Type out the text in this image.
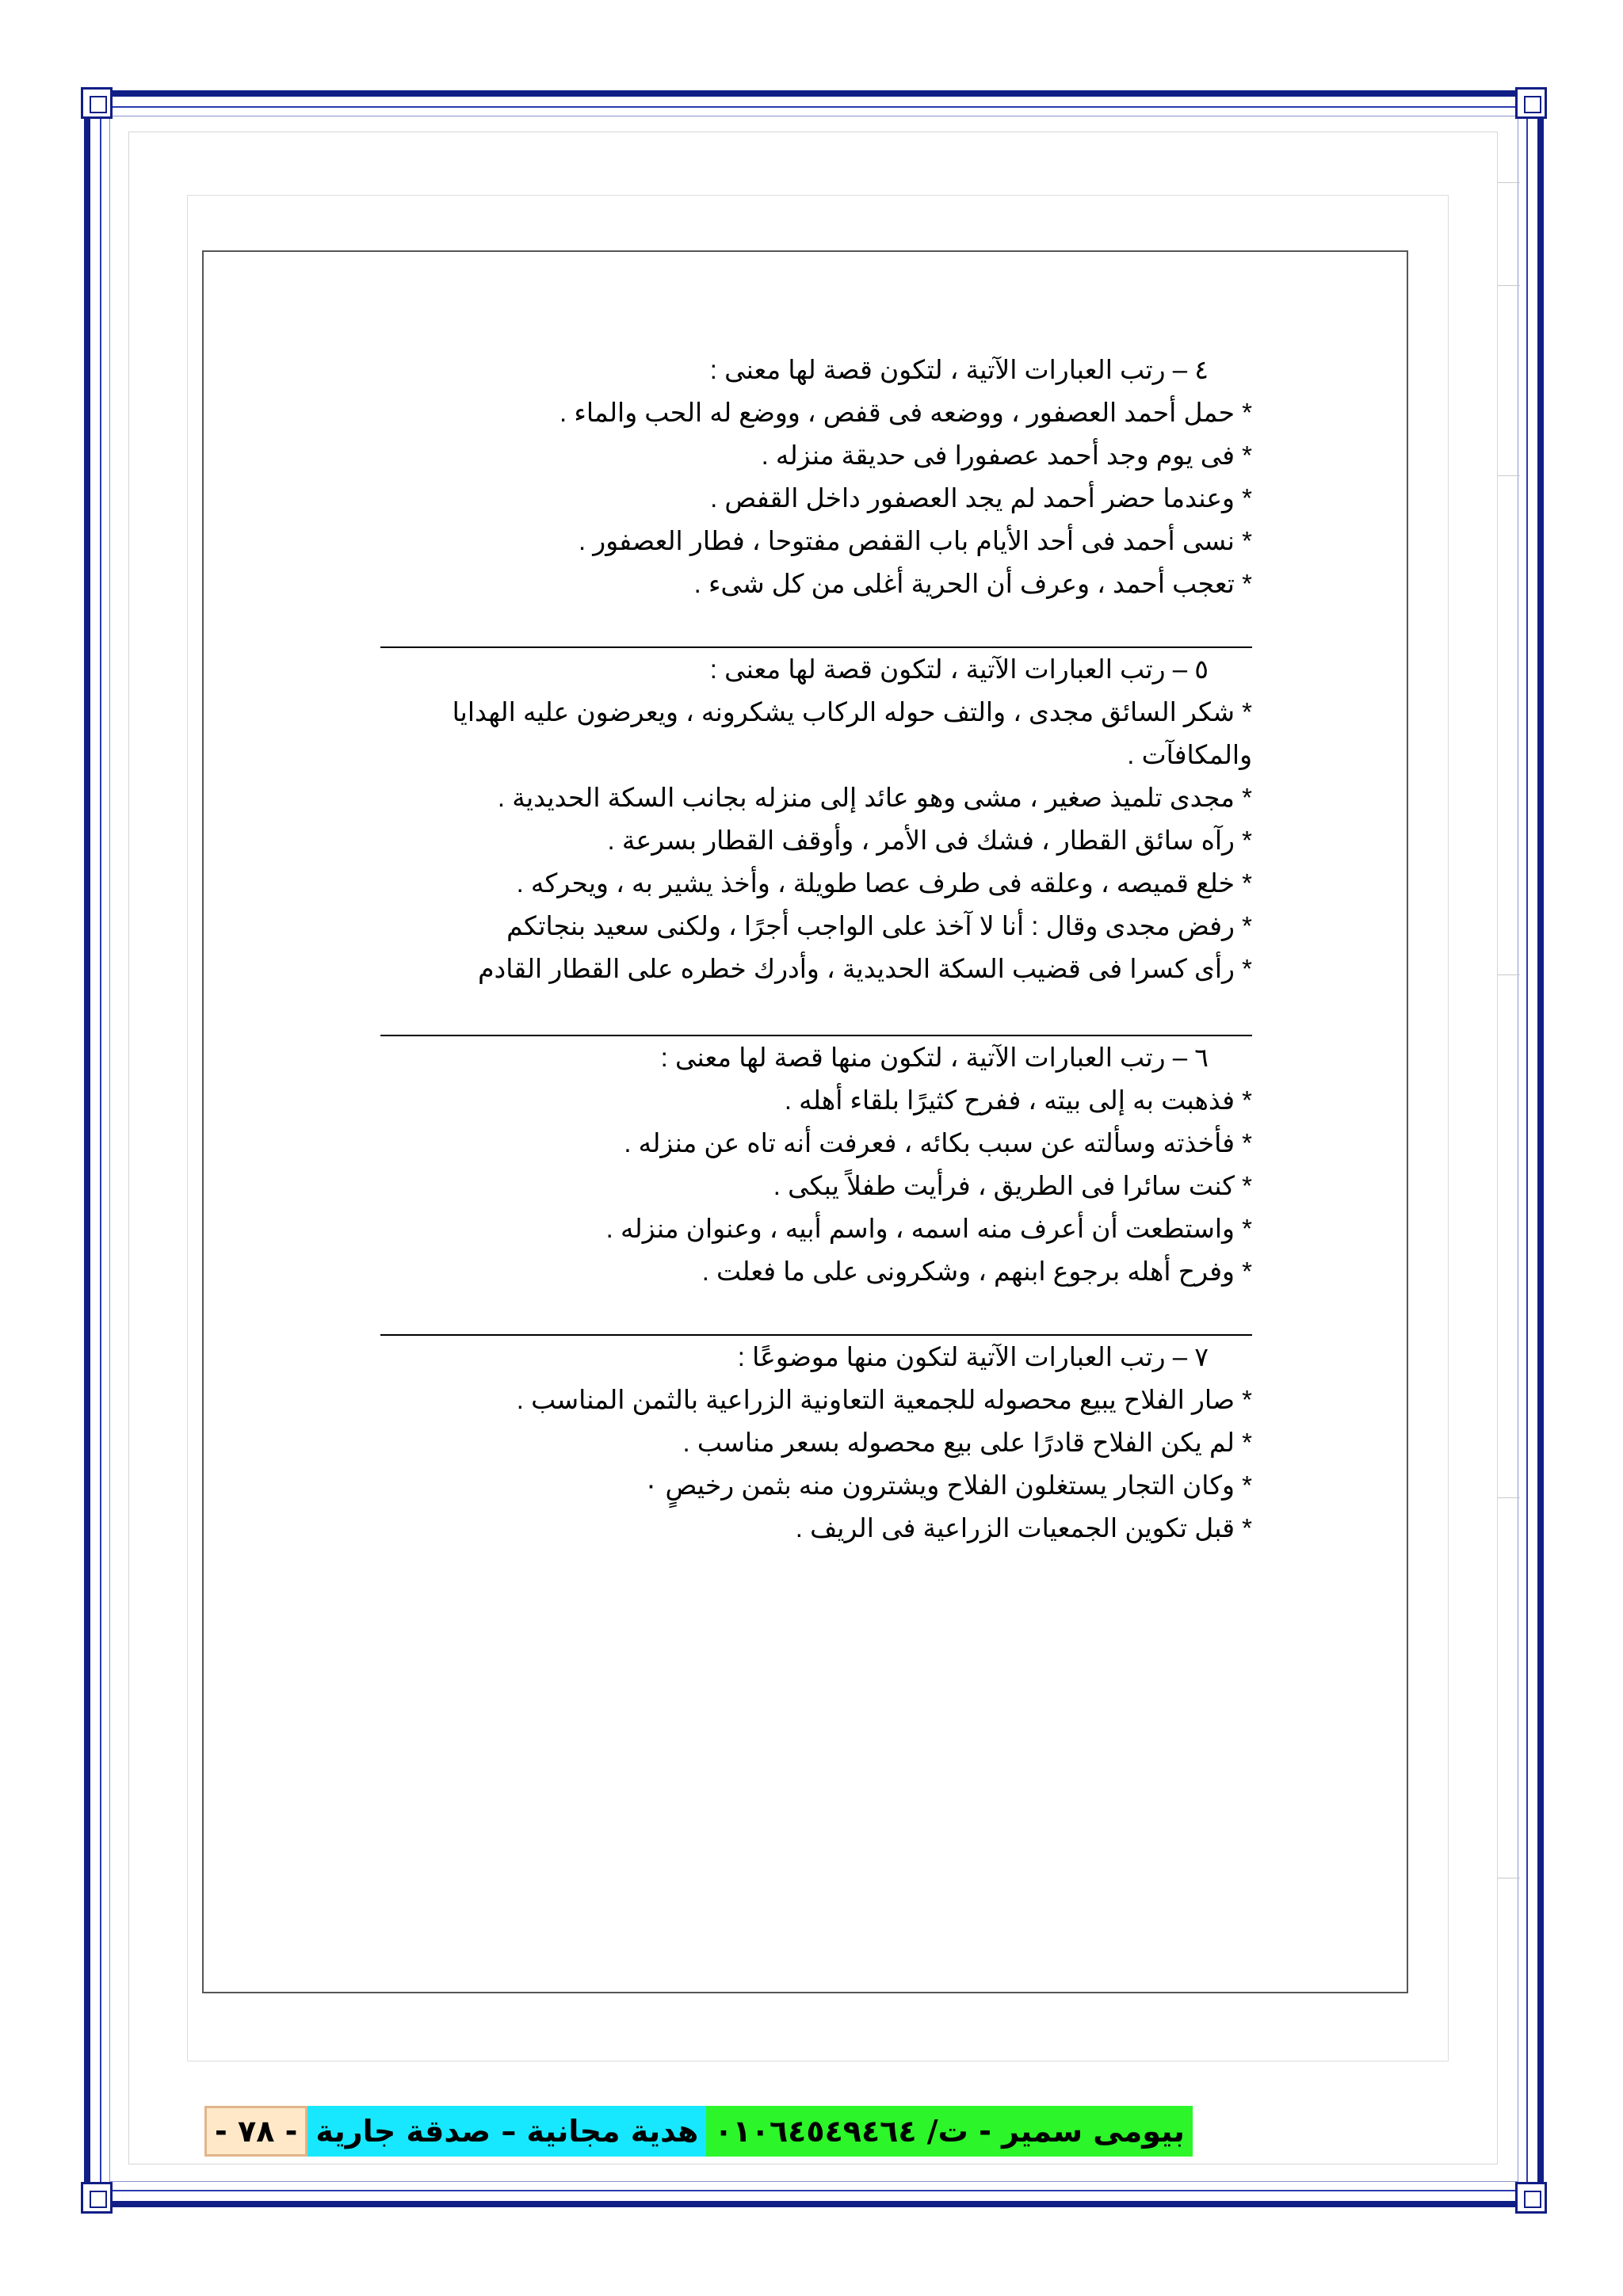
٤ – رتب العبارات الآتية ، لتكون قصة لها معنى :

* حمل أحمد العصفور ، ووضعه فى قفص ، ووضع له الحب والماء .

* فى يوم وجد أحمد عصفورا فى حديقة منزله .

* وعندما حضر أحمد لم يجد العصفور داخل القفص .

* نسى أحمد فى أحد الأيام باب القفص مفتوحا ، فطار العصفور .

* تعجب أحمد ، وعرف أن الحرية أغلى من كل شىء .

٥ – رتب العبارات الآتية ، لتكون قصة لها معنى :

* شكر السائق مجدى ، والتف حوله الركاب يشكرونه ، ويعرضون عليه الهدايا والمكافآت .

* مجدى تلميذ صغير ، مشى وهو عائد إلى منزله بجانب السكة الحديدية .

* رآه سائق القطار ، فشك فى الأمر ، وأوقف القطار بسرعة .

* خلع قميصه ، وعلقه فى طرف عصا طويلة ، وأخذ يشير به ، ويحركه .

* رفض مجدى وقال : أنا لا آخذ على الواجب أجرًا ، ولكنى سعيد بنجاتكم

* رأى كسرا فى قضيب السكة الحديدية ، وأدرك خطره على القطار القادم

٦ – رتب العبارات الآتية ، لتكون منها قصة لها معنى :

* فذهبت به إلى بيته ، ففرح كثيرًا بلقاء أهله .

* فأخذته وسألته عن سبب بكائه ، فعرفت أنه تاه عن منزله .

* كنت سائرا فى الطريق ، فرأيت طفلاً يبكى .

* واستطعت أن أعرف منه اسمه ، واسم أبيه ، وعنوان منزله .

* وفرح أهله برجوع ابنهم ، وشكرونى على ما فعلت .

٧ – رتب العبارات الآتية لتكون منها موضوعًا :

* صار الفلاح يبيع محصوله للجمعية التعاونية الزراعية بالثمن المناسب .

* لم يكن الفلاح قادرًا على بيع محصوله بسعر مناسب .

* وكان التجار يستغلون الفلاح ويشترون منه بثمن رخيصٍ ٠

* قبل تكوين الجمعيات الزراعية فى الريف .

- ٧٨ - هدية مجانية – صدقة جارية بيومى سمير - ت/ ٠١٠٦٤٥٤٩٤٦٤
